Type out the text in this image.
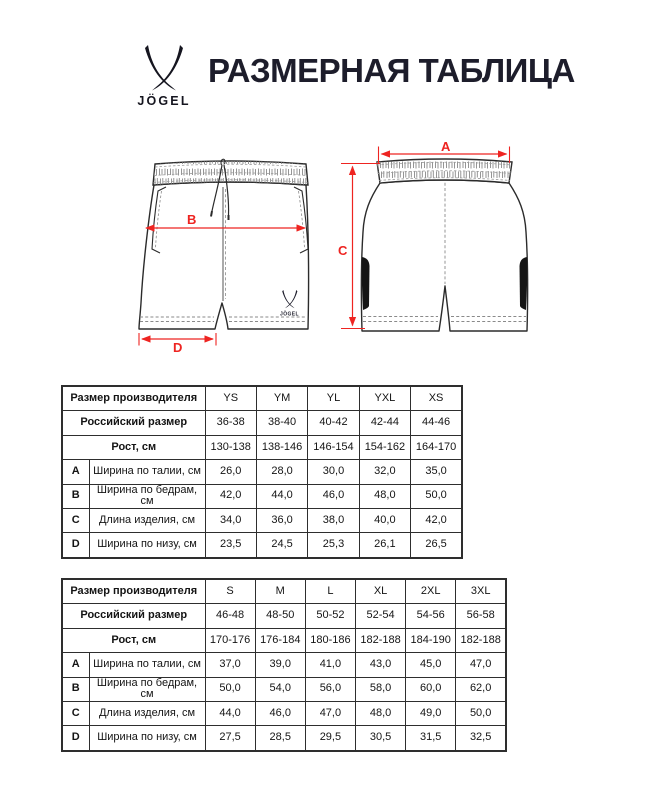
JÖGEL
РАЗМЕРНАЯ ТАБЛИЦА
B
D
JÖGEL
A
C
Размер производителя		YS	YM	YL	YXL	XS
Российский размер		36-38	38-40	40-42	42-44	44-46
Рост, см		130-138	138-146	146-154	154-162	164-170
A	Ширина по талии, см	26,0	28,0	30,0	32,0	35,0
B	Ширина по бедрам, см	42,0	44,0	46,0	48,0	50,0
C	Длина изделия, см	34,0	36,0	38,0	40,0	42,0
D	Ширина по низу, см	23,5	24,5	25,3	26,1	26,5
Размер производителя		S	M	L	XL	2XL	3XL
Российский размер		46-48	48-50	50-52	52-54	54-56	56-58
Рост, см		170-176	176-184	180-186	182-188	184-190	182-188
A	Ширина по талии, см	37,0	39,0	41,0	43,0	45,0	47,0
B	Ширина по бедрам, см	50,0	54,0	56,0	58,0	60,0	62,0
C	Длина изделия, см	44,0	46,0	47,0	48,0	49,0	50,0
D	Ширина по низу, см	27,5	28,5	29,5	30,5	31,5	32,5
